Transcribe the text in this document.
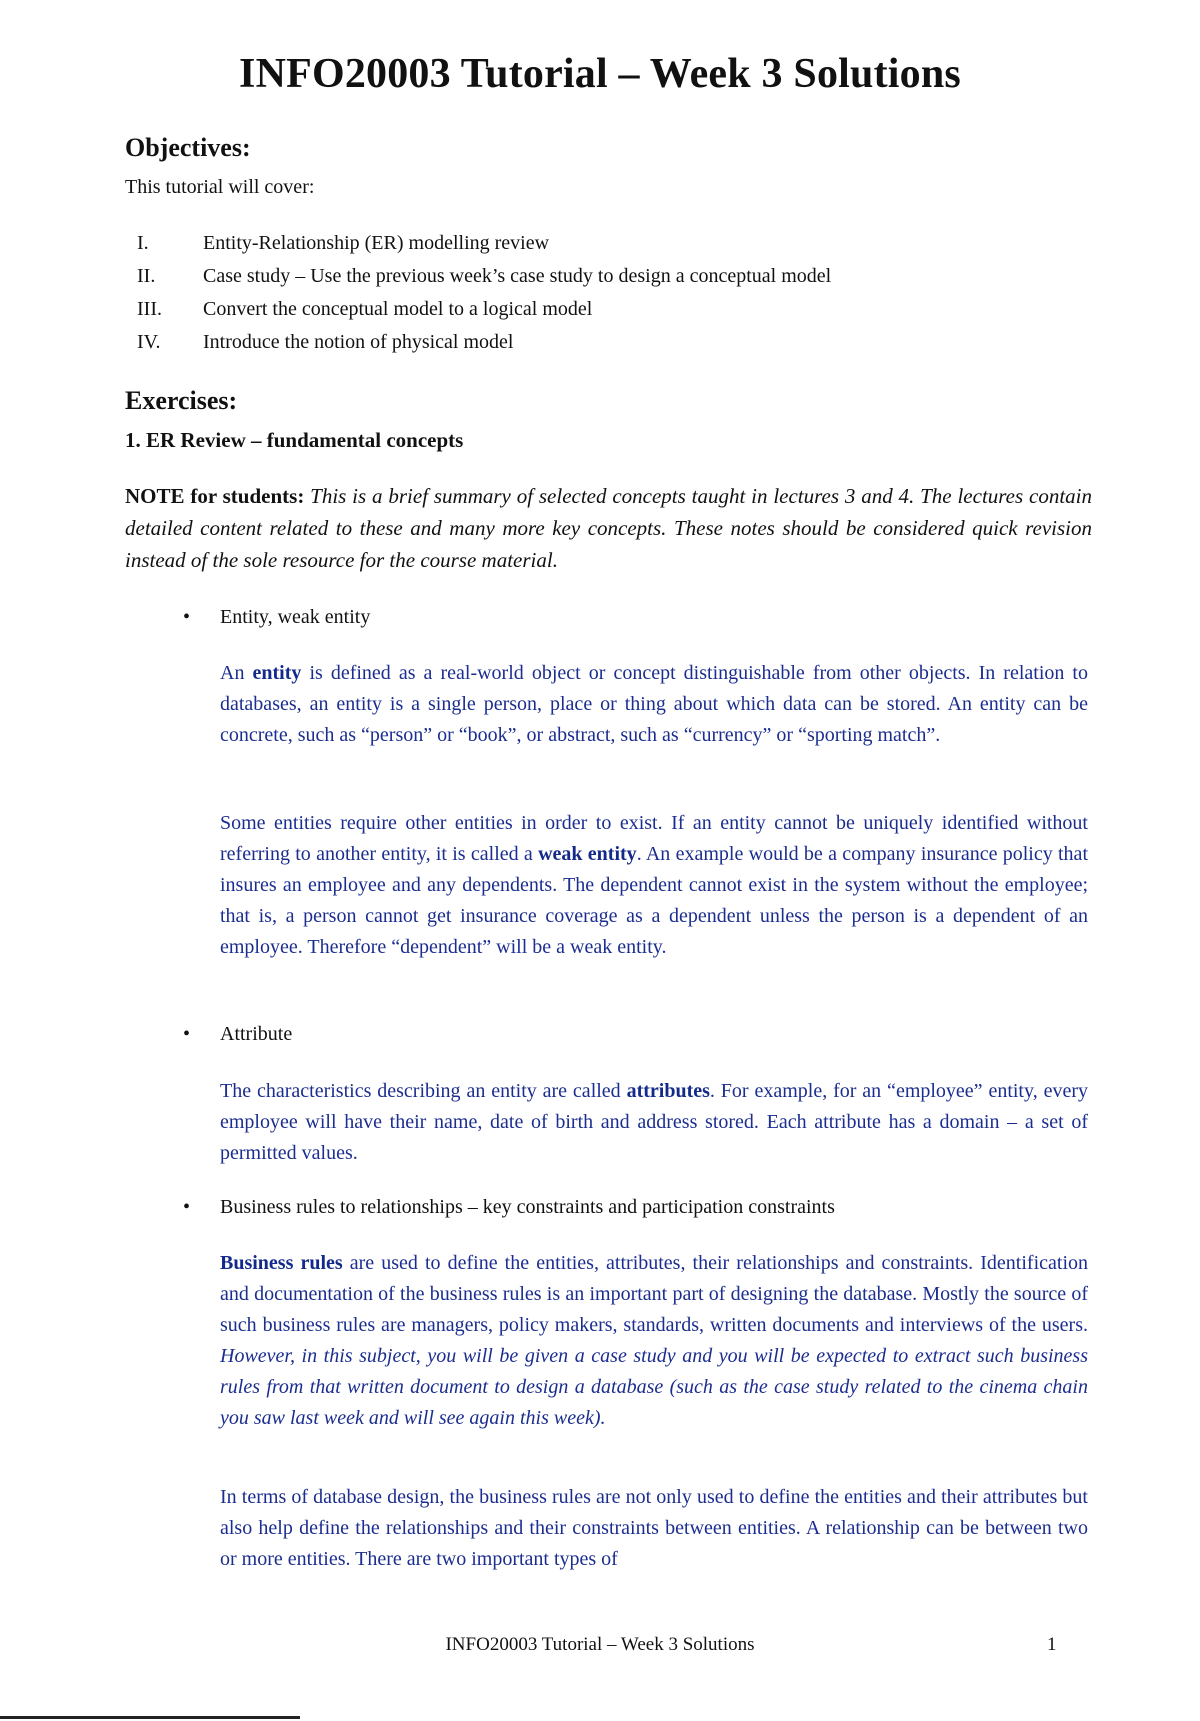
INFO20003 Tutorial – Week 3 Solutions
Objectives:
This tutorial will cover:
I.	Entity-Relationship (ER) modelling review
II.	Case study – Use the previous week’s case study to design a conceptual model
III.	Convert the conceptual model to a logical model
IV.	Introduce the notion of physical model
Exercises:
1. ER Review – fundamental concepts
NOTE for students: This is a brief summary of selected concepts taught in lectures 3 and 4. The lectures contain detailed content related to these and many more key concepts. These notes should be considered quick revision instead of the sole resource for the course material.
• Entity, weak entity
An entity is defined as a real-world object or concept distinguishable from other objects. In relation to databases, an entity is a single person, place or thing about which data can be stored. An entity can be concrete, such as “person” or “book”, or abstract, such as “currency” or “sporting match”.
Some entities require other entities in order to exist. If an entity cannot be uniquely identified without referring to another entity, it is called a weak entity. An example would be a company insurance policy that insures an employee and any dependents. The dependent cannot exist in the system without the employee; that is, a person cannot get insurance coverage as a dependent unless the person is a dependent of an employee. Therefore “dependent” will be a weak entity.
• Attribute
The characteristics describing an entity are called attributes. For example, for an “employee” entity, every employee will have their name, date of birth and address stored. Each attribute has a domain – a set of permitted values.
• Business rules to relationships – key constraints and participation constraints
Business rules are used to define the entities, attributes, their relationships and constraints. Identification and documentation of the business rules is an important part of designing the database. Mostly the source of such business rules are managers, policy makers, standards, written documents and interviews of the users. However, in this subject, you will be given a case study and you will be expected to extract such business rules from that written document to design a database (such as the case study related to the cinema chain you saw last week and will see again this week).
In terms of database design, the business rules are not only used to define the entities and their attributes but also help define the relationships and their constraints between entities. A relationship can be between two or more entities. There are two important types of
INFO20003 Tutorial – Week 3 Solutions	1
